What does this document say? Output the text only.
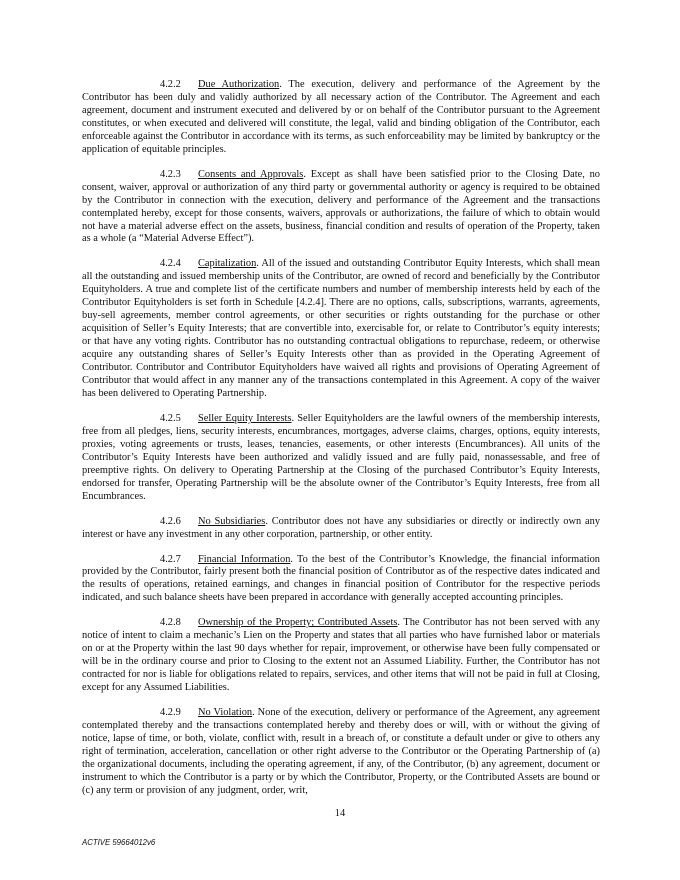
4.2.2 Due Authorization. The execution, delivery and performance of the Agreement by the Contributor has been duly and validly authorized by all necessary action of the Contributor. The Agreement and each agreement, document and instrument executed and delivered by or on behalf of the Contributor pursuant to the Agreement constitutes, or when executed and delivered will constitute, the legal, valid and binding obligation of the Contributor, each enforceable against the Contributor in accordance with its terms, as such enforceability may be limited by bankruptcy or the application of equitable principles.

4.2.3 Consents and Approvals. Except as shall have been satisfied prior to the Closing Date, no consent, waiver, approval or authorization of any third party or governmental authority or agency is required to be obtained by the Contributor in connection with the execution, delivery and performance of the Agreement and the transactions contemplated hereby, except for those consents, waivers, approvals or authorizations, the failure of which to obtain would not have a material adverse effect on the assets, business, financial condition and results of operation of the Property, taken as a whole (a “Material Adverse Effect”).

4.2.4 Capitalization. All of the issued and outstanding Contributor Equity Interests, which shall mean all the outstanding and issued membership units of the Contributor, are owned of record and beneficially by the Contributor Equityholders. A true and complete list of the certificate numbers and number of membership interests held by each of the Contributor Equityholders is set forth in Schedule [4.2.4]. There are no options, calls, subscriptions, warrants, agreements, buy-sell agreements, member control agreements, or other securities or rights outstanding for the purchase or other acquisition of Seller’s Equity Interests; that are convertible into, exercisable for, or relate to Contributor’s equity interests; or that have any voting rights. Contributor has no outstanding contractual obligations to repurchase, redeem, or otherwise acquire any outstanding shares of Seller’s Equity Interests other than as provided in the Operating Agreement of Contributor. Contributor and Contributor Equityholders have waived all rights and provisions of Operating Agreement of Contributor that would affect in any manner any of the transactions contemplated in this Agreement. A copy of the waiver has been delivered to Operating Partnership.

4.2.5 Seller Equity Interests. Seller Equityholders are the lawful owners of the membership interests, free from all pledges, liens, security interests, encumbrances, mortgages, adverse claims, charges, options, equity interests, proxies, voting agreements or trusts, leases, tenancies, easements, or other interests (Encumbrances). All units of the Contributor’s Equity Interests have been authorized and validly issued and are fully paid, nonassessable, and free of preemptive rights. On delivery to Operating Partnership at the Closing of the purchased Contributor’s Equity Interests, endorsed for transfer, Operating Partnership will be the absolute owner of the Contributor’s Equity Interests, free from all Encumbrances.

4.2.6 No Subsidiaries. Contributor does not have any subsidiaries or directly or indirectly own any interest or have any investment in any other corporation, partnership, or other entity.

4.2.7 Financial Information. To the best of the Contributor’s Knowledge, the financial information provided by the Contributor, fairly present both the financial position of Contributor as of the respective dates indicated and the results of operations, retained earnings, and changes in financial position of Contributor for the respective periods indicated, and such balance sheets have been prepared in accordance with generally accepted accounting principles.

4.2.8 Ownership of the Property; Contributed Assets. The Contributor has not been served with any notice of intent to claim a mechanic’s Lien on the Property and states that all parties who have furnished labor or materials on or at the Property within the last 90 days whether for repair, improvement, or otherwise have been fully compensated or will be in the ordinary course and prior to Closing to the extent not an Assumed Liability. Further, the Contributor has not contracted for nor is liable for obligations related to repairs, services, and other items that will not be paid in full at Closing, except for any Assumed Liabilities.

4.2.9 No Violation. None of the execution, delivery or performance of the Agreement, any agreement contemplated thereby and the transactions contemplated hereby and thereby does or will, with or without the giving of notice, lapse of time, or both, violate, conflict with, result in a breach of, or constitute a default under or give to others any right of termination, acceleration, cancellation or other right adverse to the Contributor or the Operating Partnership of (a) the organizational documents, including the operating agreement, if any, of the Contributor, (b) any agreement, document or instrument to which the Contributor is a party or by which the Contributor, Property, or the Contributed Assets are bound or (c) any term or provision of any judgment, order, writ,

14
ACTIVE 59664012v6
